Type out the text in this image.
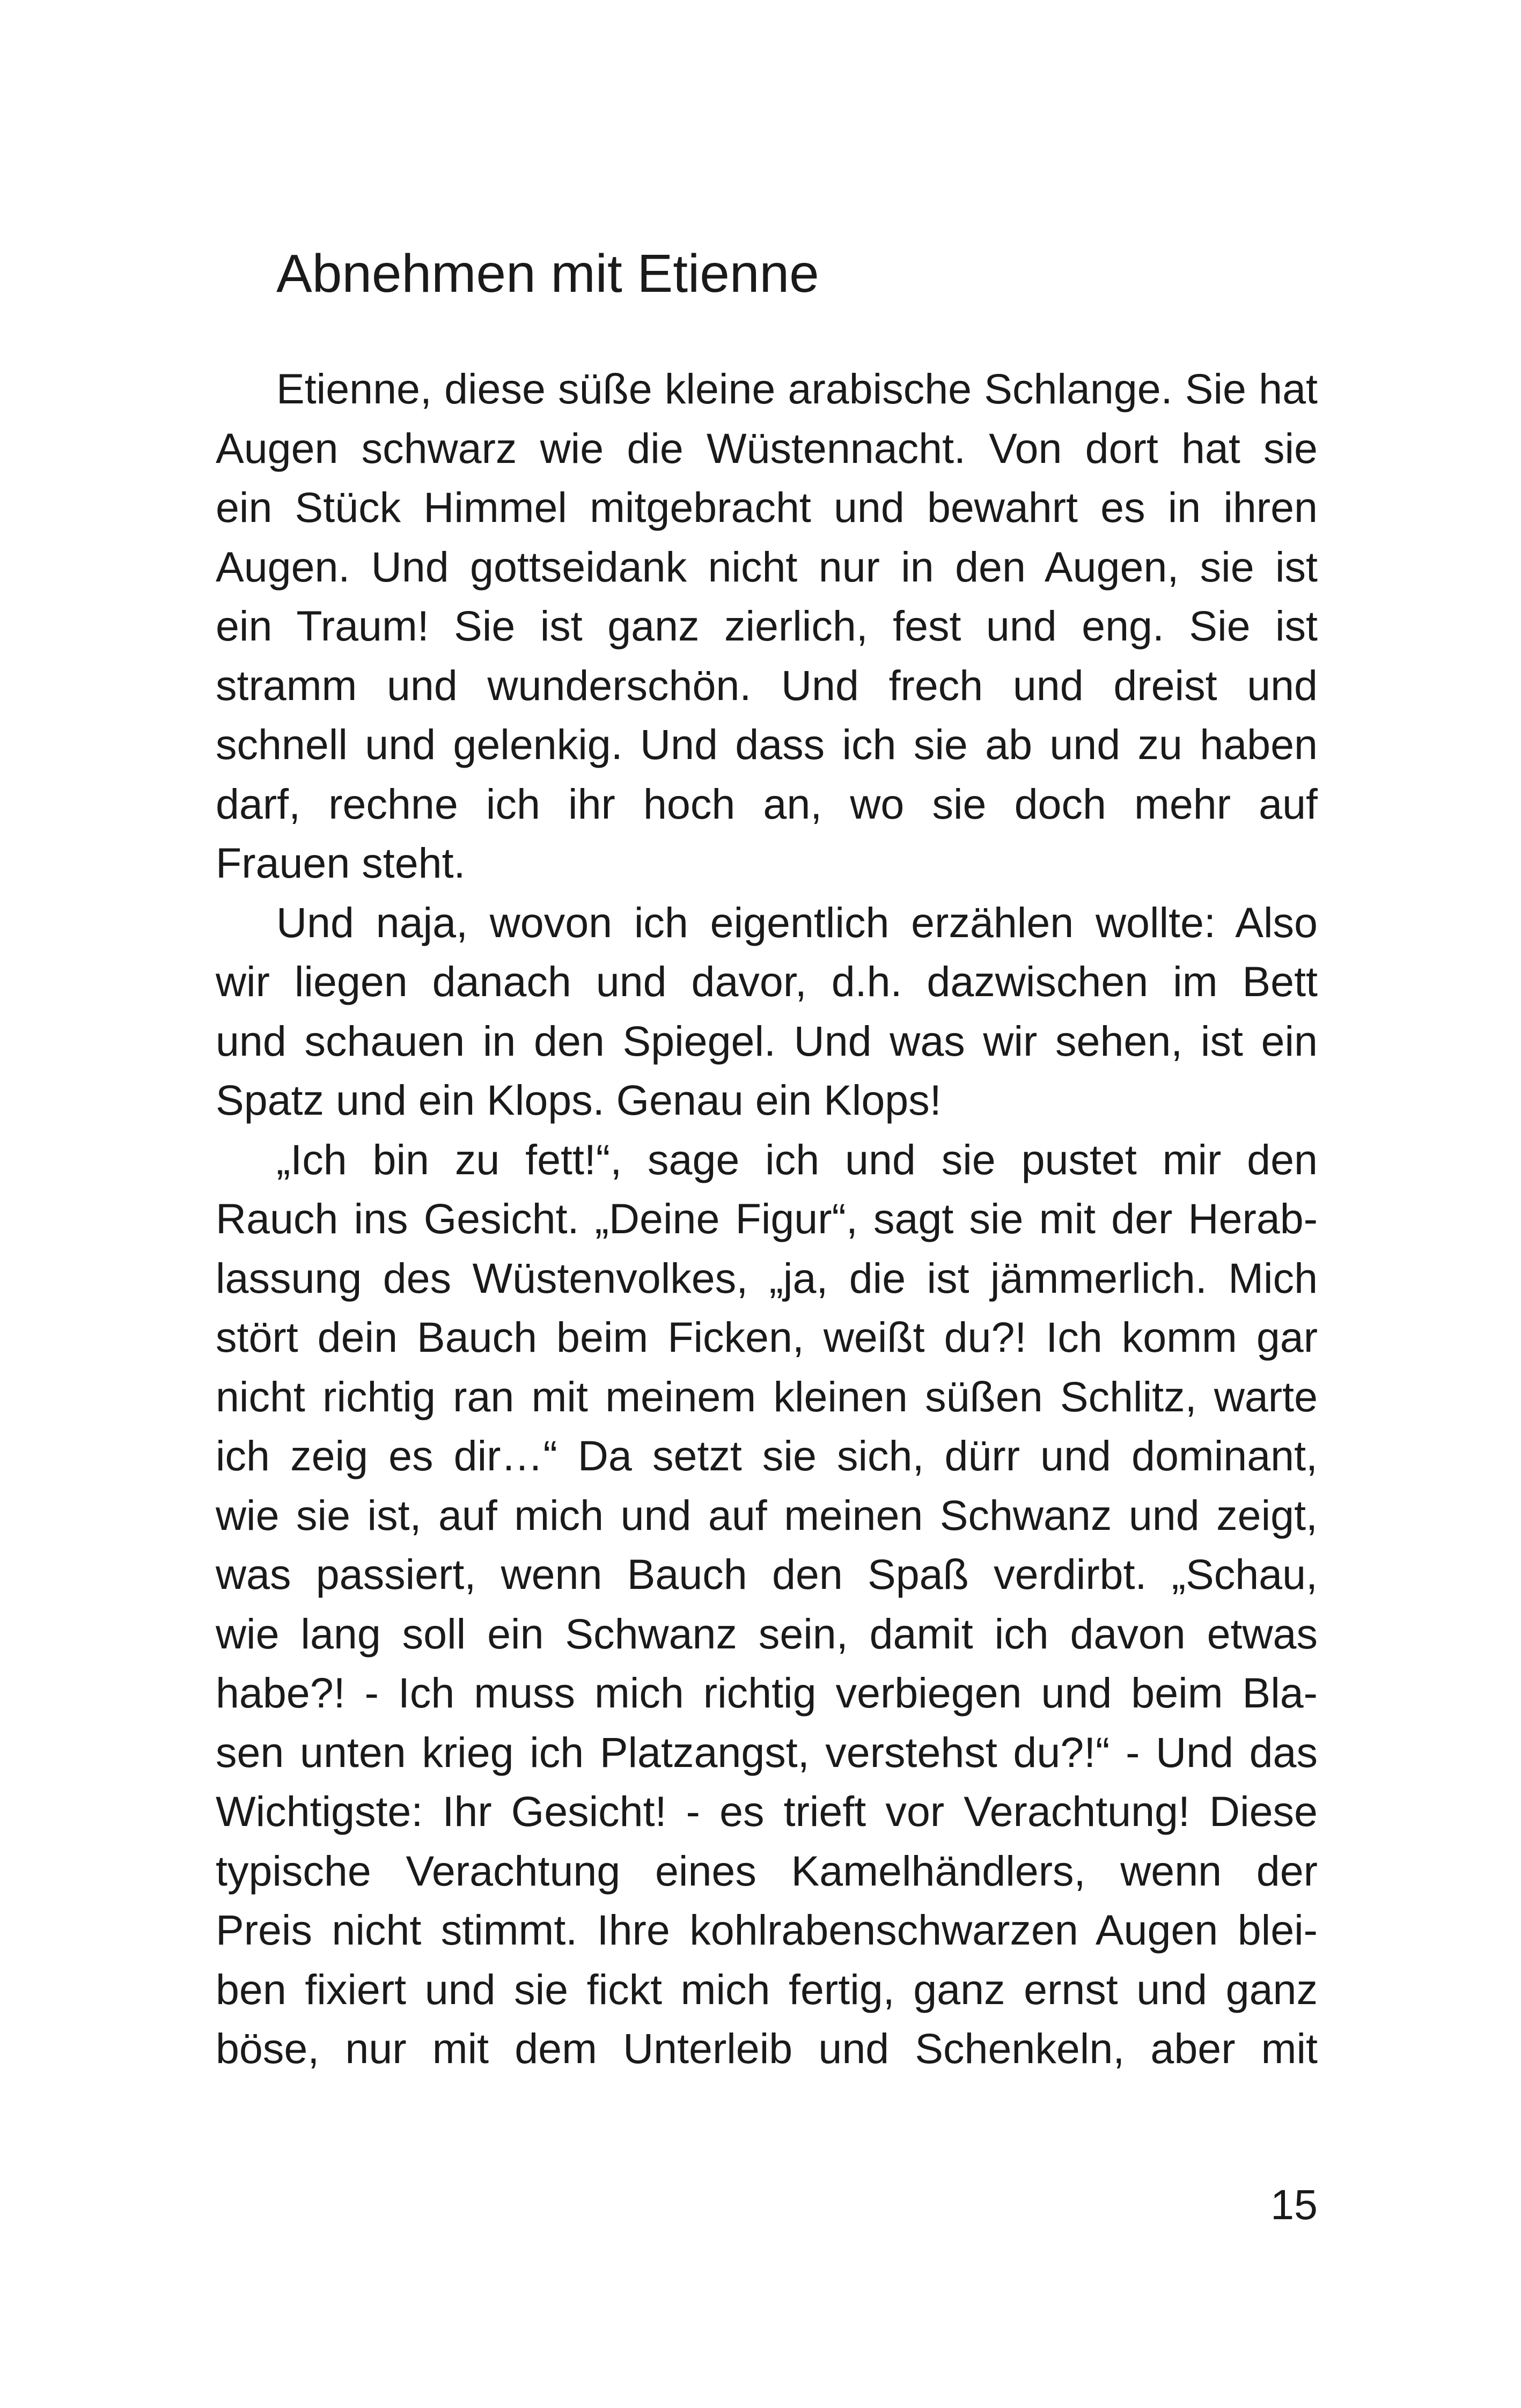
Abnehmen mit Etienne
Etienne, diese süße kleine arabische Schlange. Sie hat
Augen schwarz wie die Wüstennacht. Von dort hat sie
ein Stück Himmel mitgebracht und bewahrt es in ihren
Augen. Und gottseidank nicht nur in den Augen, sie ist
ein Traum! Sie ist ganz zierlich, fest und eng. Sie ist
stramm und wunderschön. Und frech und dreist und
schnell und gelenkig. Und dass ich sie ab und zu haben
darf, rechne ich ihr hoch an, wo sie doch mehr auf
Frauen steht.
Und naja, wovon ich eigentlich erzählen wollte: Also
wir liegen danach und davor, d.h. dazwischen im Bett
und schauen in den Spiegel. Und was wir sehen, ist ein
Spatz und ein Klops. Genau ein Klops!
„Ich bin zu fett!“, sage ich und sie pustet mir den
Rauch ins Gesicht. „Deine Figur“, sagt sie mit der Herab-
lassung des Wüstenvolkes, „ja, die ist jämmerlich. Mich
stört dein Bauch beim Ficken, weißt du?! Ich komm gar
nicht richtig ran mit meinem kleinen süßen Schlitz, warte
ich zeig es dir…“ Da setzt sie sich, dürr und dominant,
wie sie ist, auf mich und auf meinen Schwanz und zeigt,
was passiert, wenn Bauch den Spaß verdirbt. „Schau,
wie lang soll ein Schwanz sein, damit ich davon etwas
habe?! - Ich muss mich richtig verbiegen und beim Bla-
sen unten krieg ich Platzangst, verstehst du?!“ - Und das
Wichtigste: Ihr Gesicht! - es trieft vor Verachtung! Diese
typische Verachtung eines Kamelhändlers, wenn der
Preis nicht stimmt. Ihre kohlrabenschwarzen Augen blei-
ben fixiert und sie fickt mich fertig, ganz ernst und ganz
böse, nur mit dem Unterleib und Schenkeln, aber mit
15
